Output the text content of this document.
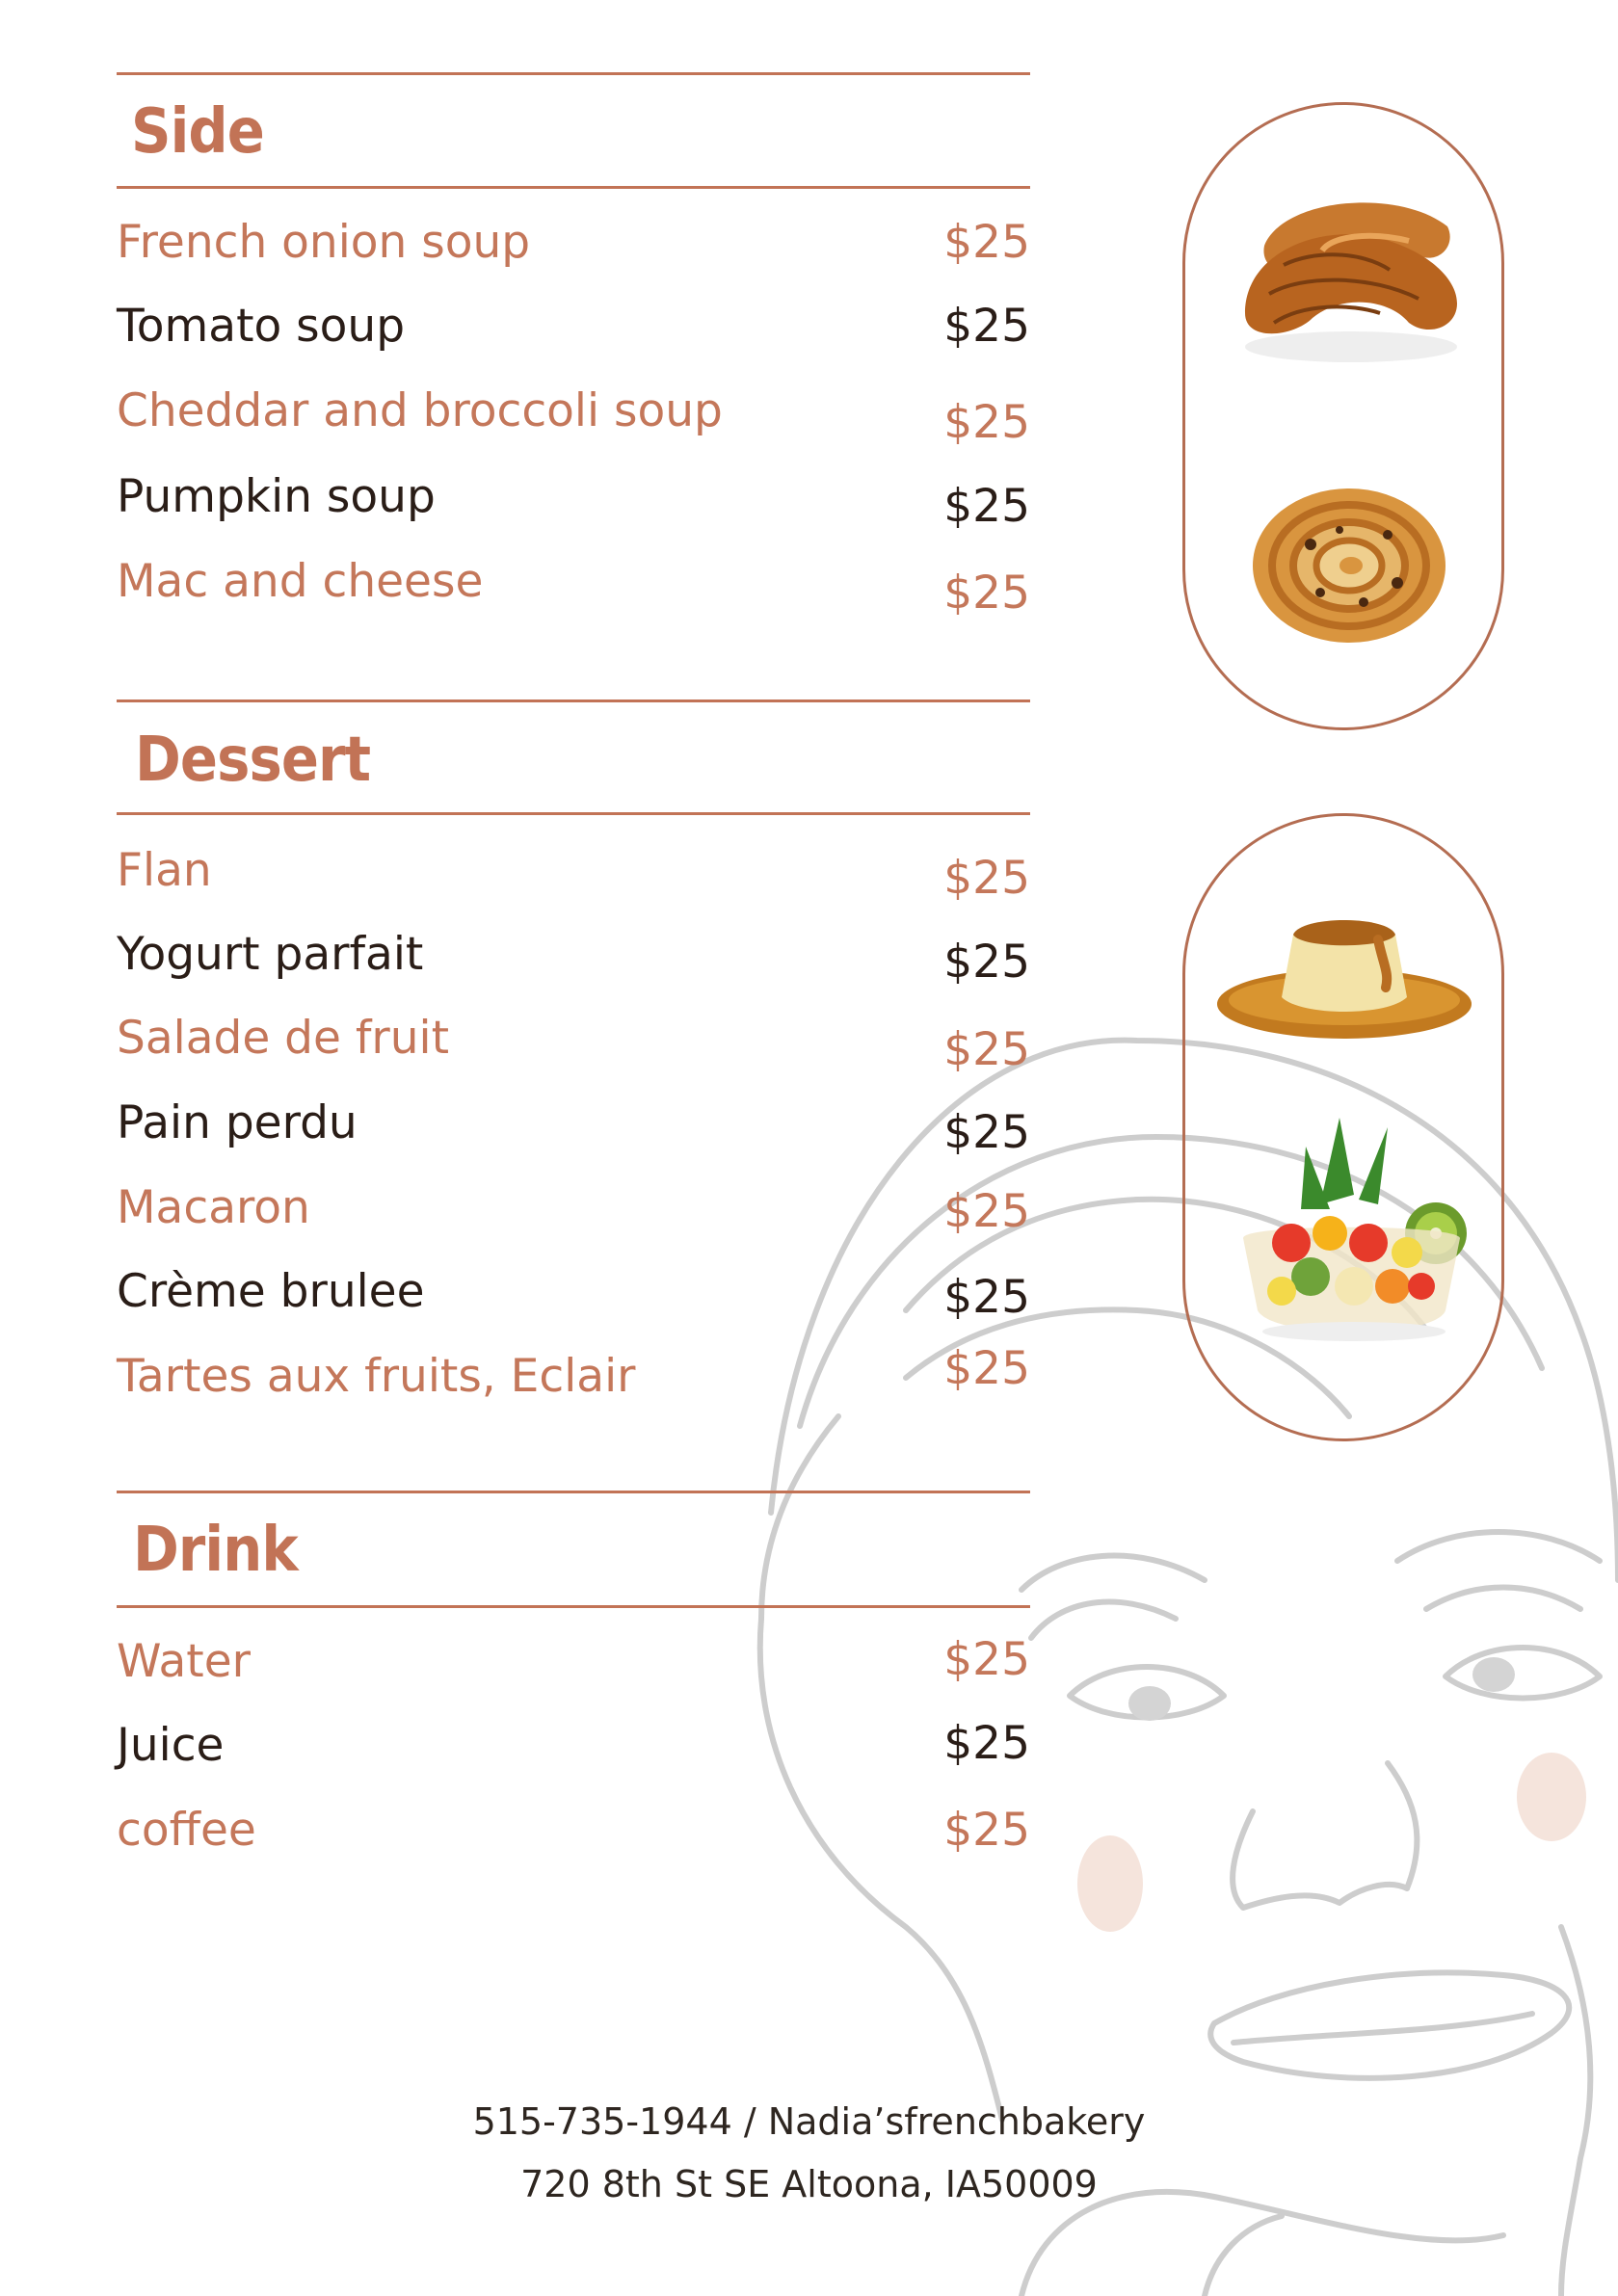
Side
French onion soup	$25
Tomato soup	$25
Cheddar and broccoli soup	$25
Pumpkin soup	$25
Mac and cheese	$25
Dessert
Flan	$25
Yogurt parfait	$25
Salade de fruit	$25
Pain perdu	$25
Macaron	$25
Crème brulee	$25
Tartes aux fruits, Eclair	$25
Drink
Water	$25
Juice	$25
coffee	$25
515-735-1944 / Nadia’sfrenchbakery
720 8th St SE Altoona, IA50009
